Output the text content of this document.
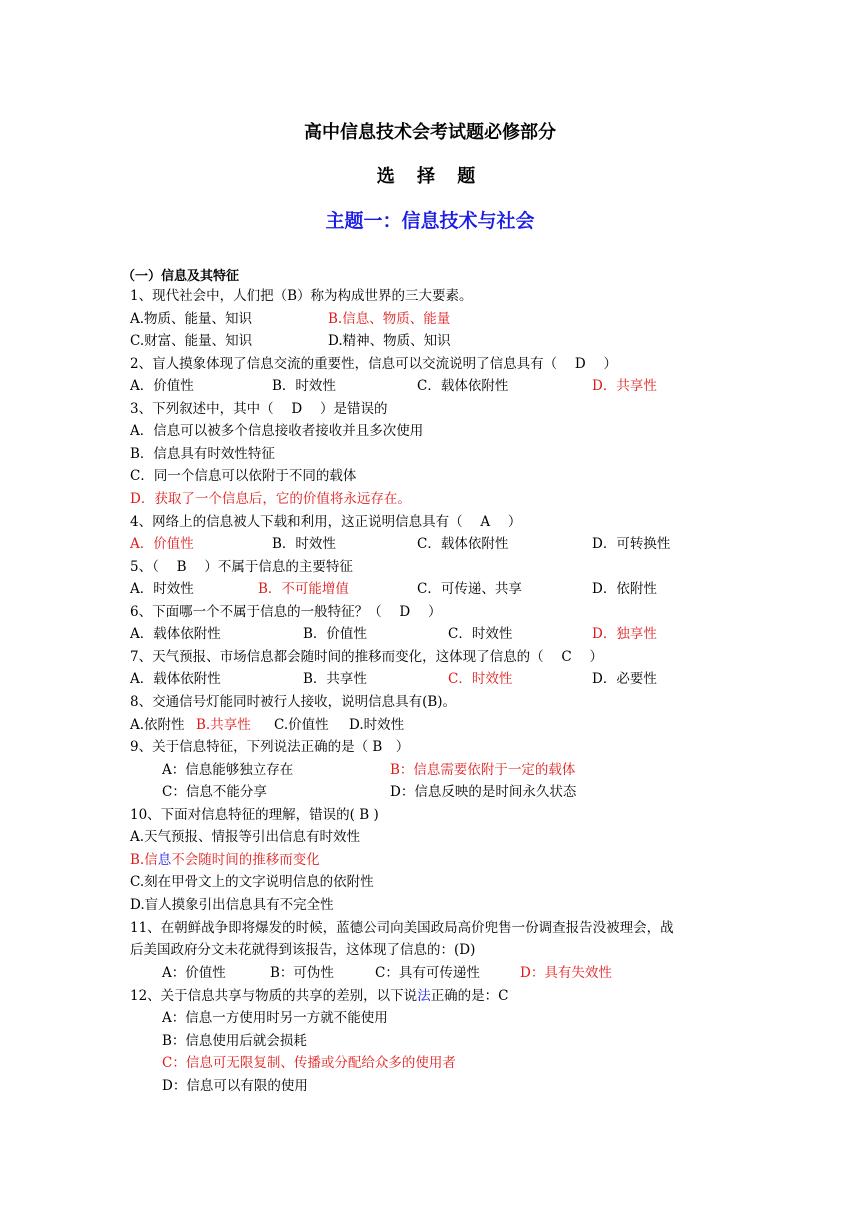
高中信息技术会考试题必修部分
选 择 题
主题一：信息技术与社会
（一）信息及其特征
1、现代社会中，人们把（B）称为构成世界的三大要素。
A.物质、能量、知识	B.信息、物质、能量
C.财富、能量、知识	D.精神、物质、知识
2、盲人摸象体现了信息交流的重要性，信息可以交流说明了信息具有（　 D　 ）
A．价值性	B．时效性	C．载体依附性	D．共享性
3、下列叙述中，其中（　 D　 ）是错误的
A．信息可以被多个信息接收者接收并且多次使用
B．信息具有时效性特征
C．同一个信息可以依附于不同的载体
D．获取了一个信息后，它的价值将永远存在。
4、网络上的信息被人下载和利用，这正说明信息具有（　 A　 ）
A．价值性	B．时效性	C．载体依附性	D．可转换性
5、（　 B　 ）不属于信息的主要特征
A．时效性	B．不可能增值	C．可传递、共享	D．依附性
6、下面哪一个不属于信息的一般特征？（　 D　 ）
A．载体依附性	B．价值性	C．时效性	D．独享性
7、天气预报、市场信息都会随时间的推移而变化，这体现了信息的（　 C　 ）
A．载体依附性	B．共享性	C．时效性	D．必要性
8、交通信号灯能同时被行人接收，说明信息具有(B)。
A.依附性 B.共享性 C.价值性 D.时效性
9、关于信息特征，下列说法正确的是（ B　）
A：信息能够独立存在	B：信息需要依附于一定的载体
C：信息不能分享	D：信息反映的是时间永久状态
10、下面对信息特征的理解，错误的( B )
A.天气预报、情报等引出信息有时效性
B.信息不会随时间的推移而变化
C.刻在甲骨文上的文字说明信息的依附性
D.盲人摸象引出信息具有不完全性
11、在朝鲜战争即将爆发的时候，蓝德公司向美国政局高价兜售一份调查报告没被理会，战
后美国政府分文未花就得到该报告，这体现了信息的：(D)
A：价值性	B：可伪性	C：具有可传递性	D：具有失效性
12、关于信息共享与物质的共享的差别，以下说法正确的是：C
A：信息一方使用时另一方就不能使用
B：信息使用后就会损耗
C：信息可无限复制、传播或分配给众多的使用者
D：信息可以有限的使用
